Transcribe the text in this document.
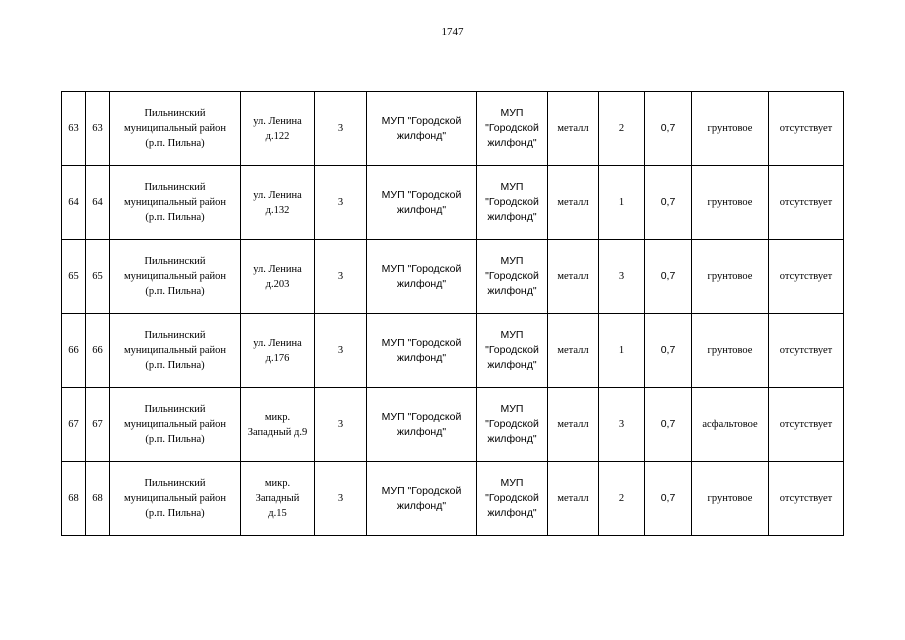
1747
63	63	Пильнинский
муниципальный район
(р.п. Пильна)	ул. Ленина
д.122	3	МУП "Городской
жилфонд"	МУП
"Городской
жилфонд"	металл	2	0,7	грунтовое	отсутствует
64	64	Пильнинский
муниципальный район
(р.п. Пильна)	ул. Ленина
д.132	3	МУП "Городской
жилфонд"	МУП
"Городской
жилфонд"	металл	1	0,7	грунтовое	отсутствует
65	65	Пильнинский
муниципальный район
(р.п. Пильна)	ул. Ленина
д.203	3	МУП "Городской
жилфонд"	МУП
"Городской
жилфонд"	металл	3	0,7	грунтовое	отсутствует
66	66	Пильнинский
муниципальный район
(р.п. Пильна)	ул. Ленина
д.176	3	МУП "Городской
жилфонд"	МУП
"Городской
жилфонд"	металл	1	0,7	грунтовое	отсутствует
67	67	Пильнинский
муниципальный район
(р.п. Пильна)	микр.
Западный д.9	3	МУП "Городской
жилфонд"	МУП
"Городской
жилфонд"	металл	3	0,7	асфальтовое	отсутствует
68	68	Пильнинский
муниципальный район
(р.п. Пильна)	микр.
Западный
д.15	3	МУП "Городской
жилфонд"	МУП
"Городской
жилфонд"	металл	2	0,7	грунтовое	отсутствует
